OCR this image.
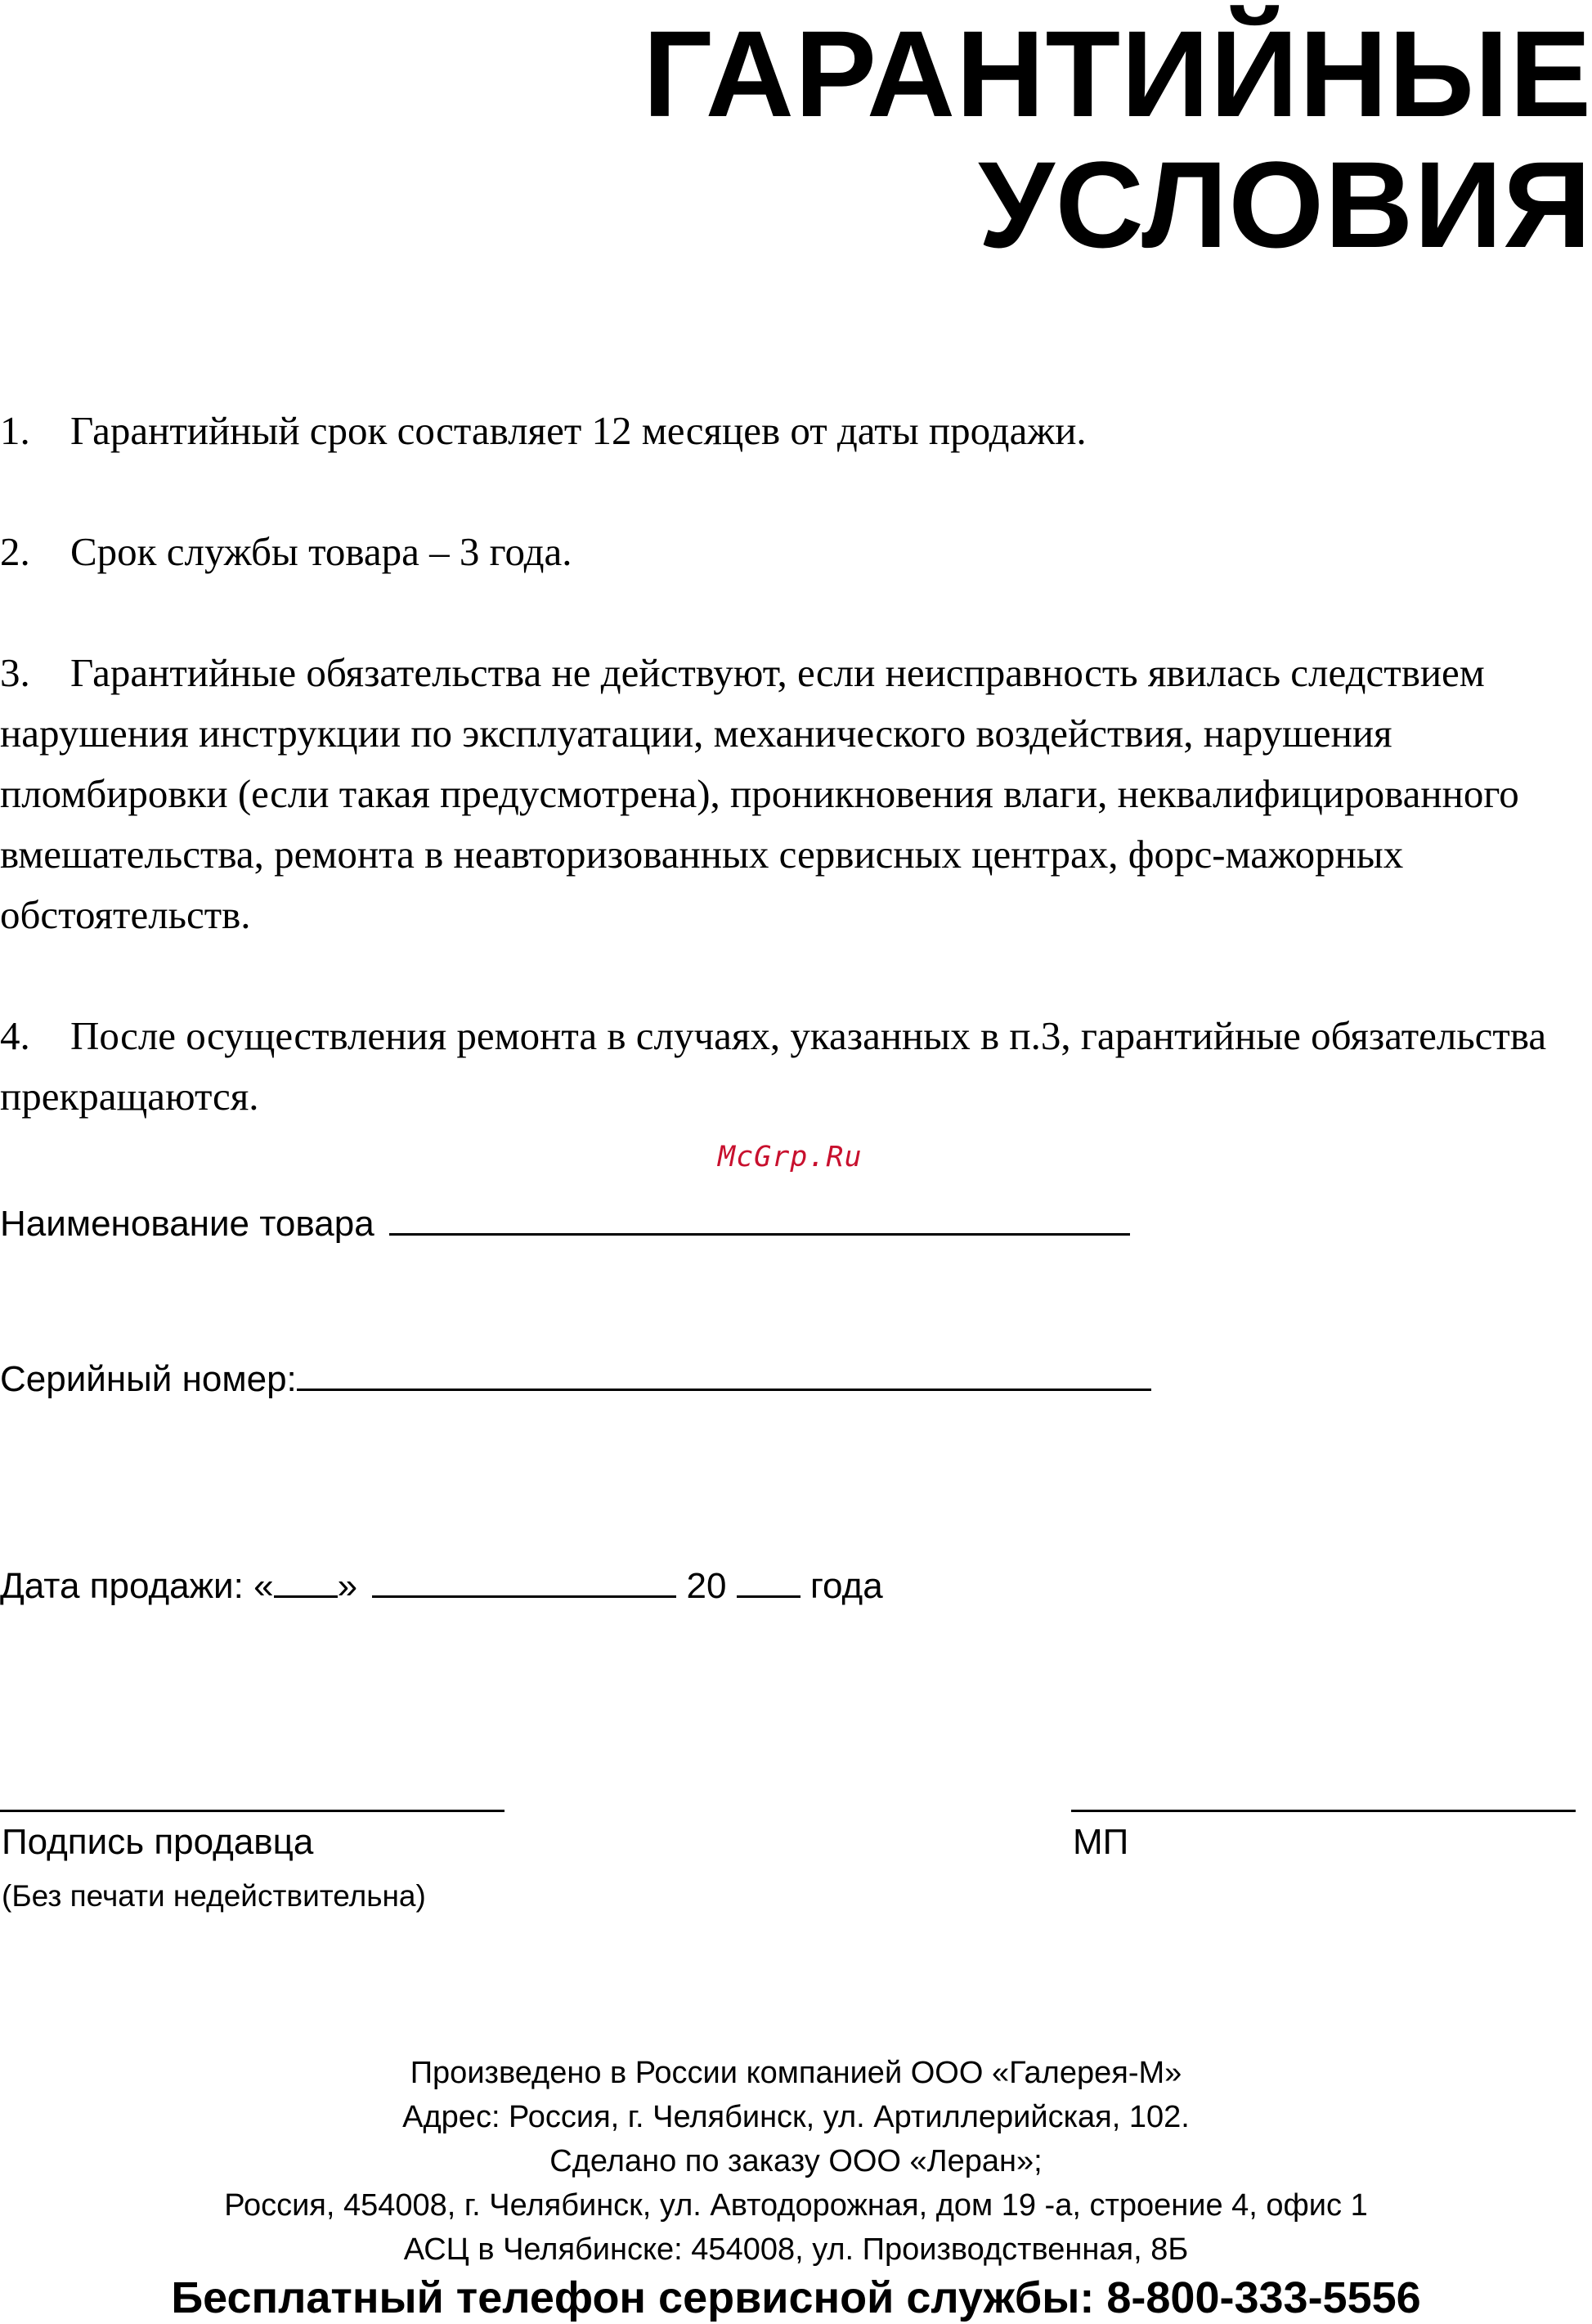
ГАРАНТИЙНЫЕ
УСЛОВИЯ

1. Гарантийный срок составляет 12 месяцев от даты продажи.

2. Срок службы товара – 3 года.

3. Гарантийные обязательства не действуют, если неисправность явилась следствием нарушения инструкции по эксплуатации, механического воздействия, нарушения пломбировки (если такая предусмотрена), проникновения влаги, неквалифицированного вмешательства, ремонта в неавторизованных сервисных центрах, форс-мажорных обстоятельств.

4. После осуществления ремонта в случаях, указанных в п.3, гарантийные обязательства прекращаются.

McGrp.Ru
Наименование товара
Серийный номер:
Дата продажи: « »	20 года
Подпись продавца	МП
(Без печати недействительна)
Произведено в России компанией ООО «Галерея-М»
Адрес: Россия, г. Челябинск, ул. Артиллерийская, 102.
Сделано по заказу ООО «Леран»;
Россия, 454008, г. Челябинск, ул. Автодорожная, дом 19 -а, строение 4, офис 1
АСЦ в Челябинске: 454008, ул. Производственная, 8Б
Бесплатный телефон сервисной службы: 8-800-333-5556
